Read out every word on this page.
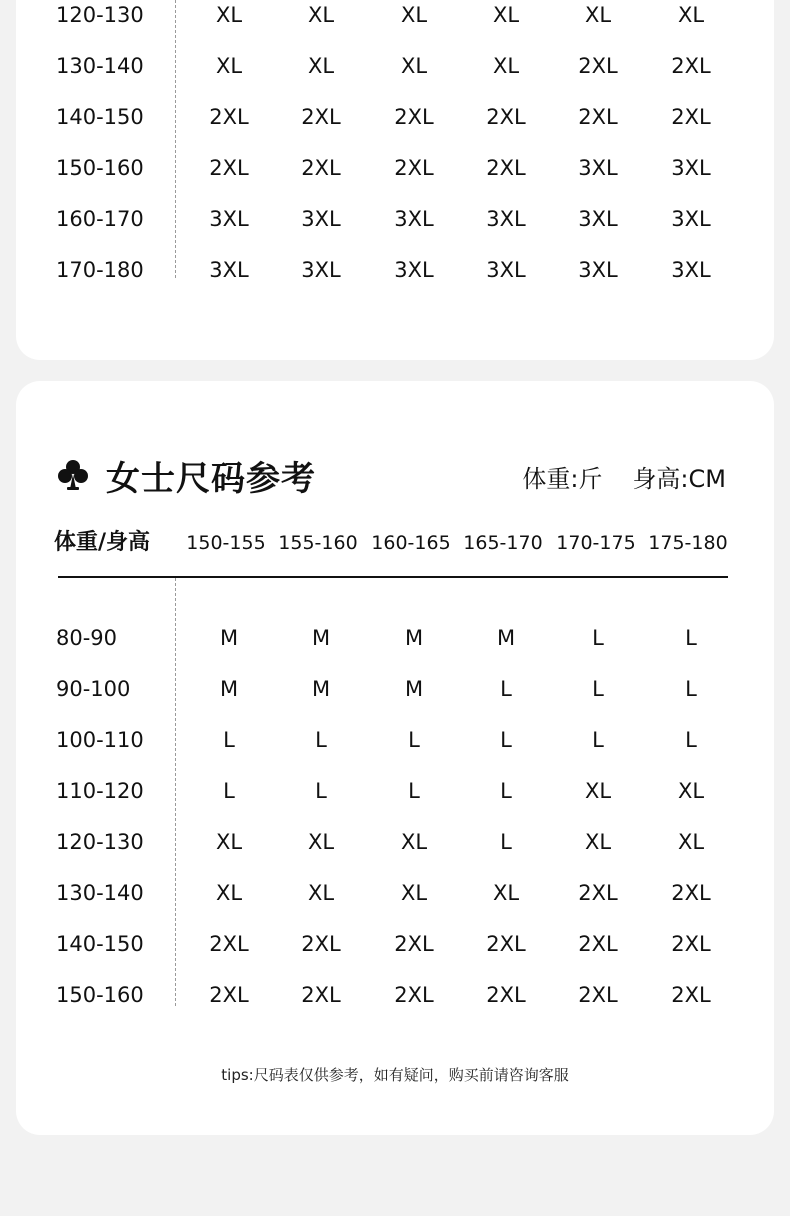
120-130	XL	XL	XL	XL	XL	XL
130-140	XL	XL	XL	XL	2XL	2XL
140-150	2XL	2XL	2XL	2XL	2XL	2XL
150-160	2XL	2XL	2XL	2XL	3XL	3XL
160-170	3XL	3XL	3XL	3XL	3XL	3XL
170-180	3XL	3XL	3XL	3XL	3XL	3XL
女士尺码参考	体重:斤 身高:CM
体重/身高	150-155 155-160 160-165 165-170 170-175 175-180
80-90	M	M	M	M	L	L
90-100	M	M	M	L	L	L
100-110	L	L	L	L	L	L
110-120	L	L	L	L	XL	XL
120-130	XL	XL	XL	L	XL	XL
130-140	XL	XL	XL	XL	2XL	2XL
140-150	2XL	2XL	2XL	2XL	2XL	2XL
150-160	2XL	2XL	2XL	2XL	2XL	2XL
tips:尺码表仅供参考，如有疑问，购买前请咨询客服
